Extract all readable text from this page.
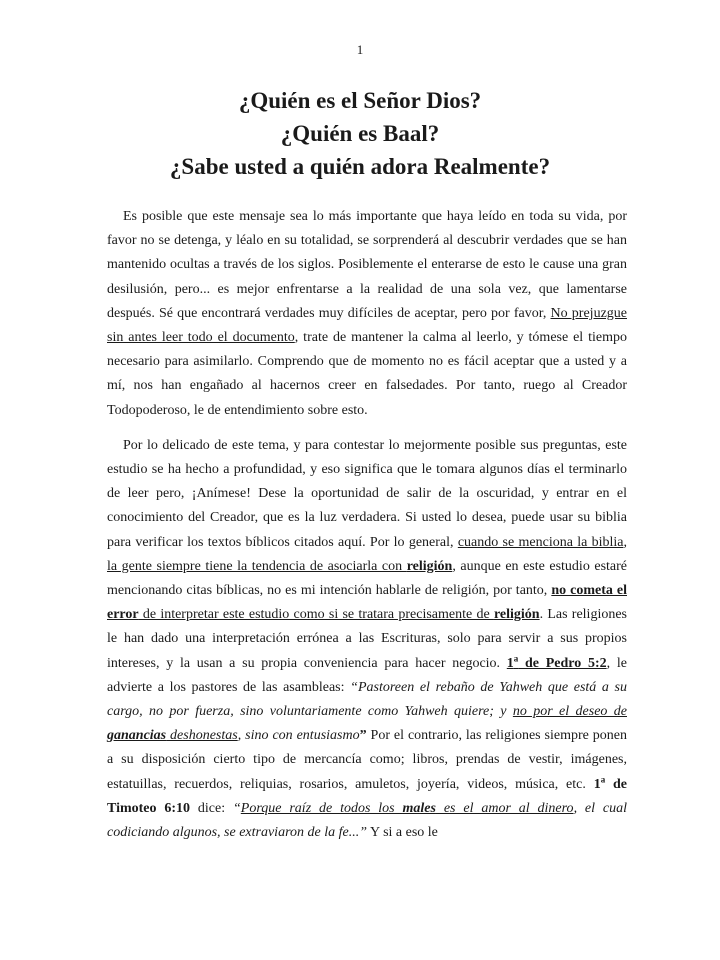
1
¿Quién es el Señor Dios?
¿Quién es Baal?
¿Sabe usted a quién adora Realmente?

Es posible que este mensaje sea lo más importante que haya leído en toda su vida, por favor no se detenga, y léalo en su totalidad, se sorprenderá al descubrir verdades que se han mantenido ocultas a través de los siglos. Posiblemente el enterarse de esto le cause una gran desilusión, pero... es mejor enfrentarse a la realidad de una sola vez, que lamentarse después. Sé que encontrará verdades muy difíciles de aceptar, pero por favor, No prejuzgue sin antes leer todo el documento, trate de mantener la calma al leerlo, y tómese el tiempo necesario para asimilarlo. Comprendo que de momento no es fácil aceptar que a usted y a mí, nos han engañado al hacernos creer en falsedades. Por tanto, ruego al Creador Todopoderoso, le de entendimiento sobre esto.

Por lo delicado de este tema, y para contestar lo mejormente posible sus preguntas, este estudio se ha hecho a profundidad, y eso significa que le tomara algunos días el terminarlo de leer pero, ¡Anímese! Dese la oportunidad de salir de la oscuridad, y entrar en el conocimiento del Creador, que es la luz verdadera. Si usted lo desea, puede usar su biblia para verificar los textos bíblicos citados aquí. Por lo general, cuando se menciona la biblia, la gente siempre tiene la tendencia de asociarla con religión, aunque en este estudio estaré mencionando citas bíblicas, no es mi intención hablarle de religión, por tanto, no cometa el error de interpretar este estudio como si se tratara precisamente de religión. Las religiones le han dado una interpretación errónea a las Escrituras, solo para servir a sus propios intereses, y la usan a su propia conveniencia para hacer negocio. 1$^a$ de Pedro 5:2, le advierte a los pastores de las asambleas: “Pastoreen el rebaño de Yahweh que está a su cargo, no por fuerza, sino voluntariamente como Yahweh quiere; y no por el deseo de ganancias deshonestas, sino con entusiasmo” Por el contrario, las religiones siempre ponen a su disposición cierto tipo de mercancía como; libros, prendas de vestir, imágenes, estatuillas, recuerdos, reliquias, rosarios, amuletos, joyería, videos, música, etc. 1$^a$ de Timoteo 6:10 dice: “Porque raíz de todos los males es el amor al dinero, el cual codiciando algunos, se extraviaron de la fe...” Y si a eso le
